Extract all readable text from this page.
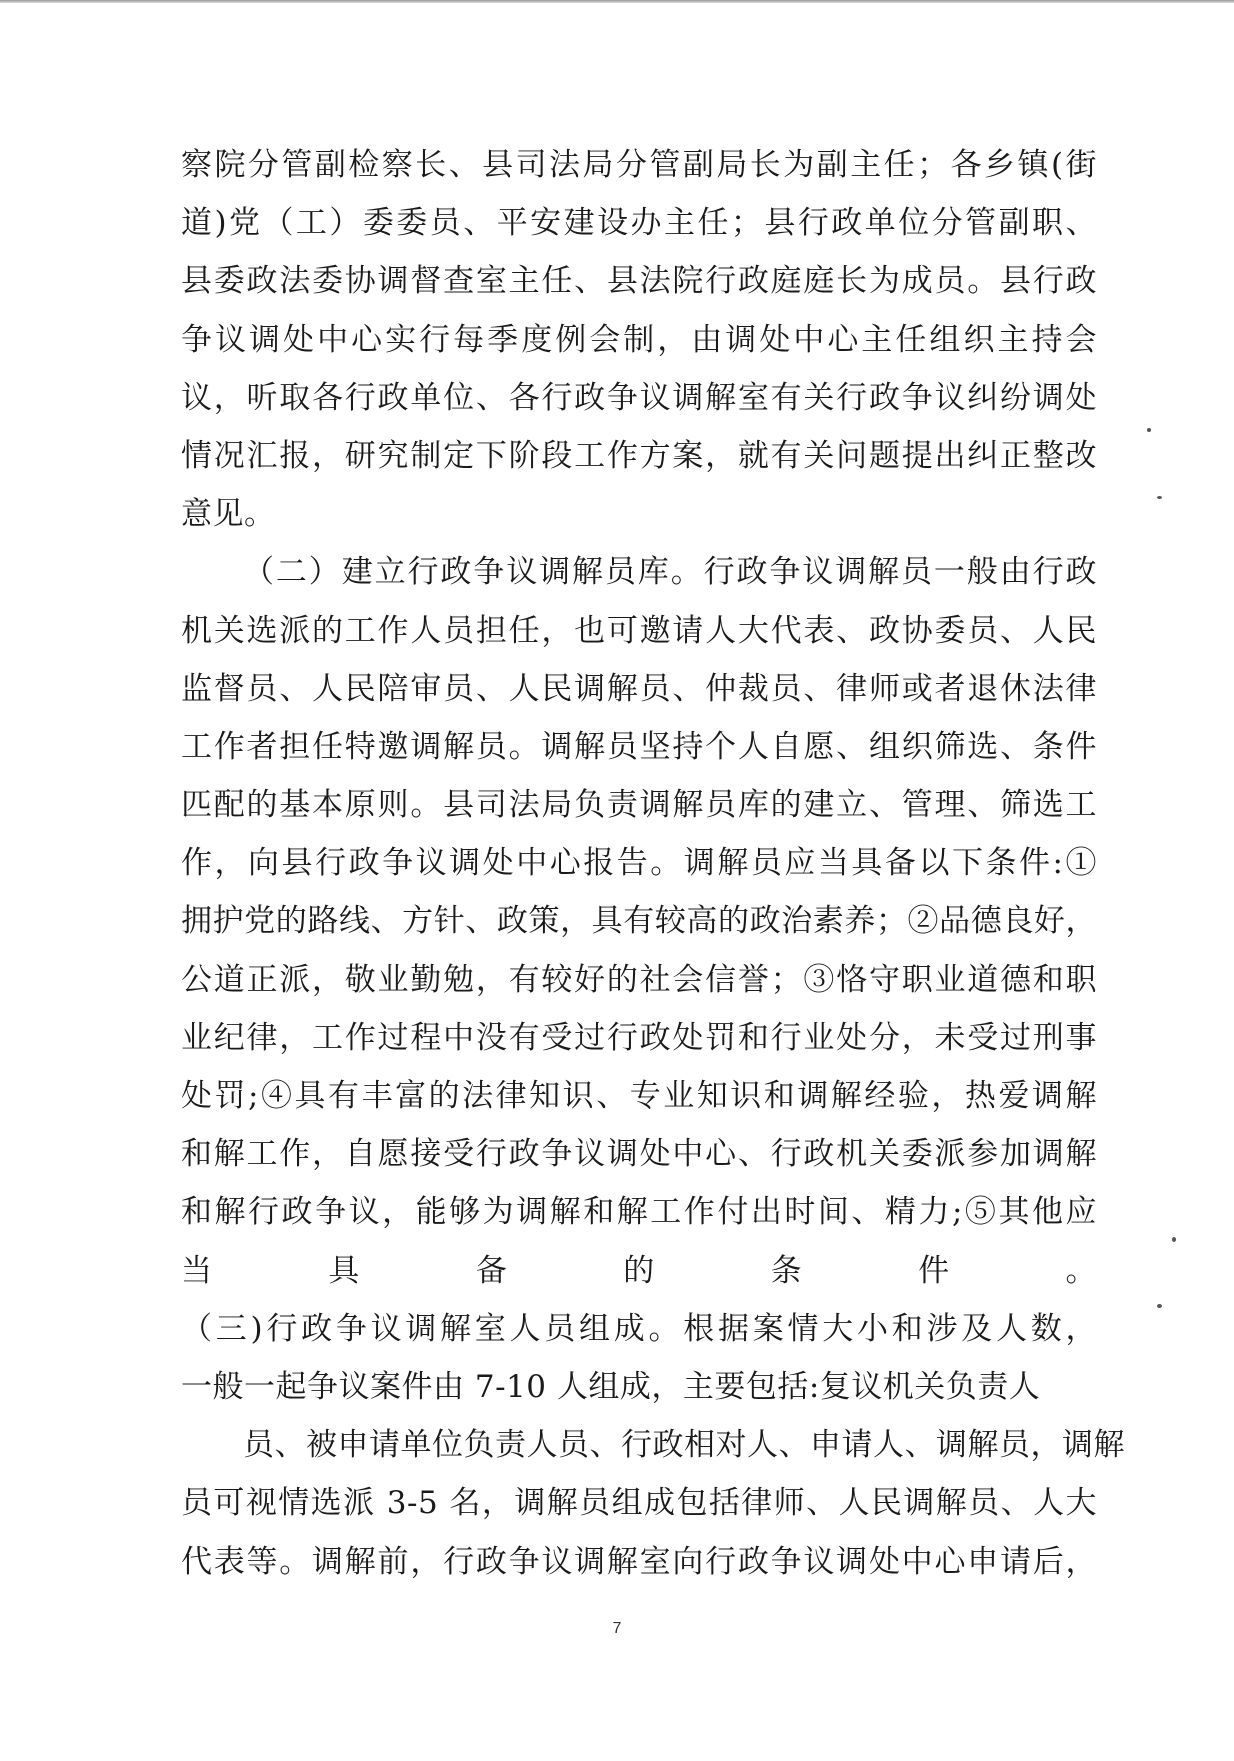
察院分管副检察长、县司法局分管副局长为副主任；各乡镇(街
道)党（工）委委员、平安建设办主任；县行政单位分管副职、
县委政法委协调督查室主任、县法院行政庭庭长为成员。县行政
争议调处中心实行每季度例会制，由调处中心主任组织主持会
议，听取各行政单位、各行政争议调解室有关行政争议纠纷调处
情况汇报，研究制定下阶段工作方案，就有关问题提出纠正整改
意见。
（二）建立行政争议调解员库。行政争议调解员一般由行政
机关选派的工作人员担任，也可邀请人大代表、政协委员、人民
监督员、人民陪审员、人民调解员、仲裁员、律师或者退休法律
工作者担任特邀调解员。调解员坚持个人自愿、组织筛选、条件
匹配的基本原则。县司法局负责调解员库的建立、管理、筛选工
作，向县行政争议调处中心报告。调解员应当具备以下条件:①
拥护党的路线、方针、政策，具有较高的政治素养；②品德良好，
公道正派，敬业勤勉，有较好的社会信誉；③恪守职业道德和职
业纪律，工作过程中没有受过行政处罚和行业处分，未受过刑事
处罚;④具有丰富的法律知识、专业知识和调解经验，热爱调解
和解工作，自愿接受行政争议调处中心、行政机关委派参加调解
和解行政争议，能够为调解和解工作付出时间、精力;⑤其他应
当具备的条件。
（三)行政争议调解室人员组成。根据案情大小和涉及人数，
一般一起争议案件由 7-10 人组成，主要包括:复议机关负责人
员、被申请单位负责人员、行政相对人、申请人、调解员，调解
员可视情选派 3-5 名，调解员组成包括律师、人民调解员、人大
代表等。调解前，行政争议调解室向行政争议调处中心申请后，
7
